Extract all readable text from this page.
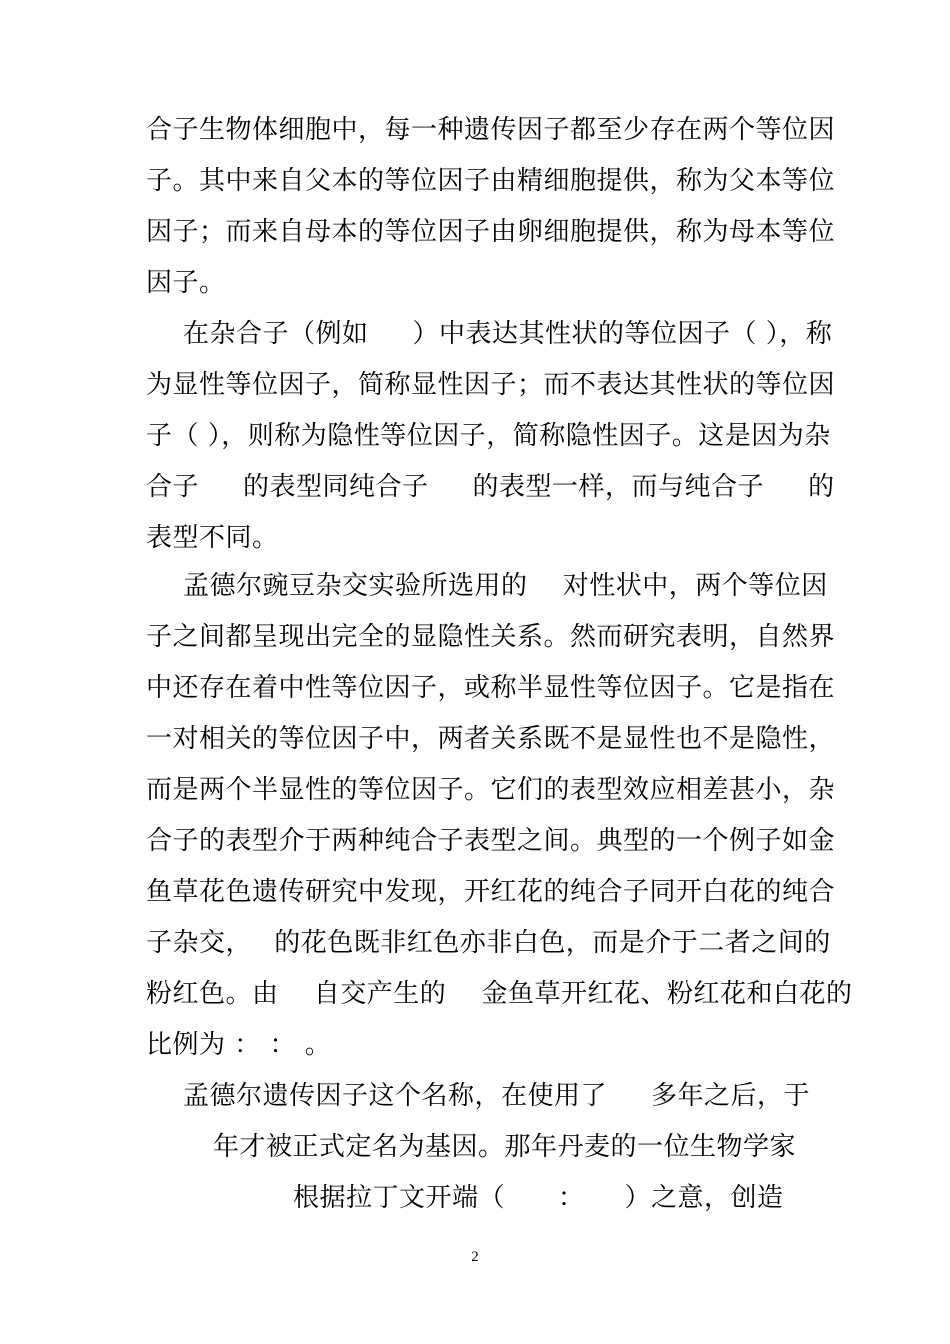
合子生物体细胞中，每一种遗传因子都至少存在两个等位因
子。其中来自父本的等位因子由精细胞提供，称为父本等位
因子；而来自母本的等位因子由卵细胞提供，称为母本等位
因子。
在杂合子（例如　  ）中表达其性状的等位因子（ ），称
为显性等位因子，简称显性因子；而不表达其性状的等位因
子（ ），则称为隐性等位因子，简称隐性因子。这是因为杂
合子　  的表型同纯合子　  的表型一样，而与纯合子　  的
表型不同。
孟德尔豌豆杂交实验所选用的　 对性状中，两个等位因
子之间都呈现出完全的显隐性关系。然而研究表明，自然界
中还存在着中性等位因子，或称半显性等位因子。它是指在
一对相关的等位因子中，两者关系既不是显性也不是隐性，
而是两个半显性的等位因子。它们的表型效应相差甚小，杂
合子的表型介于两种纯合子表型之间。典型的一个例子如金
鱼草花色遗传研究中发现，开红花的纯合子同开白花的纯合
子杂交，　 的花色既非红色亦非白色，而是介于二者之间的
粉红色。由　 自交产生的　 金鱼草开红花、粉红花和白花的
比例为 ： ： 。
孟德尔遗传因子这个名称，在使用了　  多年之后，于
年才被正式定名为基因。那年丹麦的一位生物学家
根据拉丁文开端（　　：　　）之意，创造
2
